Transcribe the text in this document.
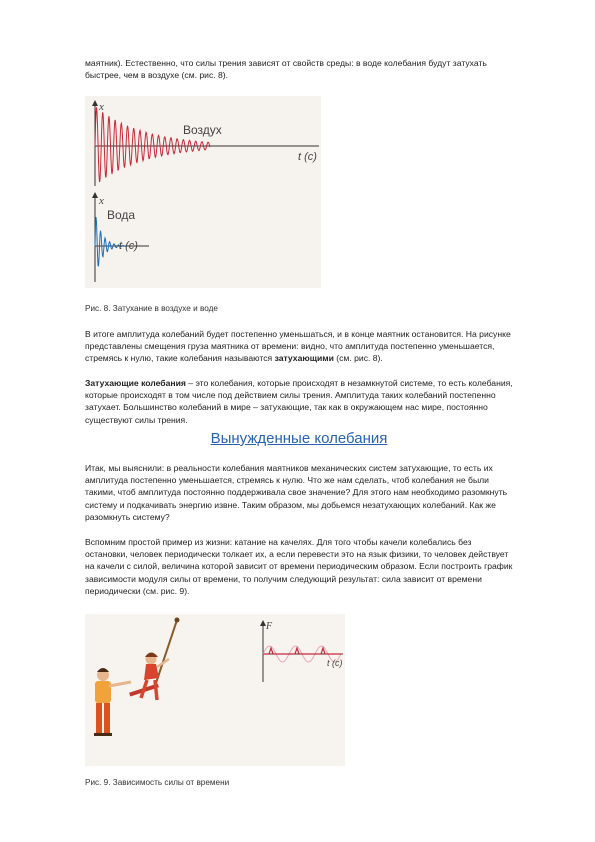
маятник). Естественно, что силы трения зависят от свойств среды: в воде колебания будут затухать быстрее, чем в воздухе (см. рис. 8).

x
Воздух
t (c)
x
Вода
t (c)

Рис. 8. Затухание в воздухе и воде

В итоге амплитуда колебаний будет постепенно уменьшаться, и в конце маятник остановится. На рисунке представлены смещения груза маятника от времени: видно, что амплитуда постепенно уменьшается, стремясь к нулю, такие колебания называются затухающими (см. рис. 8).

Затухающие колебания – это колебания, которые происходят в незамкнутой системе, то есть колебания, которые происходят в том числе под действием силы трения. Амплитуда таких колебаний постепенно затухает. Большинство колебаний в мире – затухающие, так как в окружающем нас мире, постоянно существуют силы трения.

Вынужденные колебания

Итак, мы выяснили: в реальности колебания маятников механических систем затухающие, то есть их амплитуда постепенно уменьшается, стремясь к нулю. Что же нам сделать, чтоб колебания не были такими, чтоб амплитуда постоянно поддерживала свое значение? Для этого нам необходимо разомкнуть систему и подкачивать энергию извне. Таким образом, мы добьемся незатухающих колебаний. Как же разомкнуть систему?

Вспомним простой пример из жизни: катание на качелях. Для того чтобы качели колебались без остановки, человек периодически толкает их, а если перевести это на язык физики, то человек действует на качели с силой, величина которой зависит от времени периодическим образом. Если построить график зависимости модуля силы от времени, то получим следующий результат: сила зависит от времени периодически (см. рис. 9).

F
t (c)

Рис. 9. Зависимость силы от времени
